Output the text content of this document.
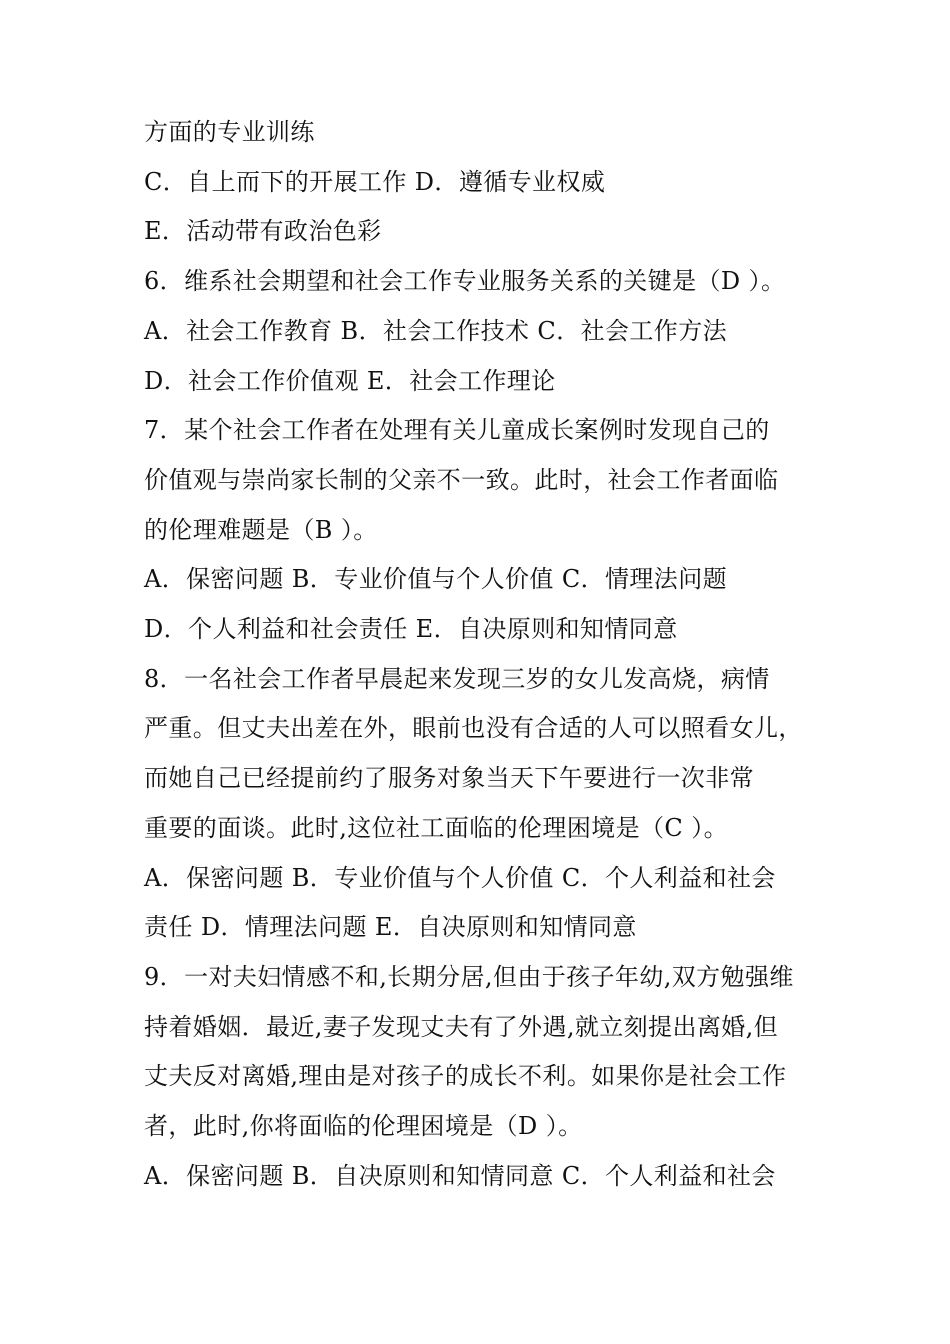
方面的专业训练
C．自上而下的开展工作 D．遵循专业权威
E．活动带有政治色彩
6．维系社会期望和社会工作专业服务关系的关键是（D ）。
A．社会工作教育 B．社会工作技术 C．社会工作方法
D．社会工作价值观 E．社会工作理论
7．某个社会工作者在处理有关儿童成长案例时发现自己的
价值观与崇尚家长制的父亲不一致。此时，社会工作者面临
的伦理难题是（B ）。
A．保密问题 B．专业价值与个人价值 C．情理法问题
D．个人利益和社会责任 E．自决原则和知情同意
8．一名社会工作者早晨起来发现三岁的女儿发高烧，病情
严重。但丈夫出差在外，眼前也没有合适的人可以照看女儿，
而她自己已经提前约了服务对象当天下午要进行一次非常
重要的面谈。此时,这位社工面临的伦理困境是（C ）。
A．保密问题 B．专业价值与个人价值 C．个人利益和社会
责任 D．情理法问题 E．自决原则和知情同意
9．一对夫妇情感不和,长期分居,但由于孩子年幼,双方勉强维
持着婚姻．最近,妻子发现丈夫有了外遇,就立刻提出离婚,但
丈夫反对离婚,理由是对孩子的成长不利。如果你是社会工作
者，此时,你将面临的伦理困境是（D ）。
A．保密问题 B．自决原则和知情同意 C．个人利益和社会
